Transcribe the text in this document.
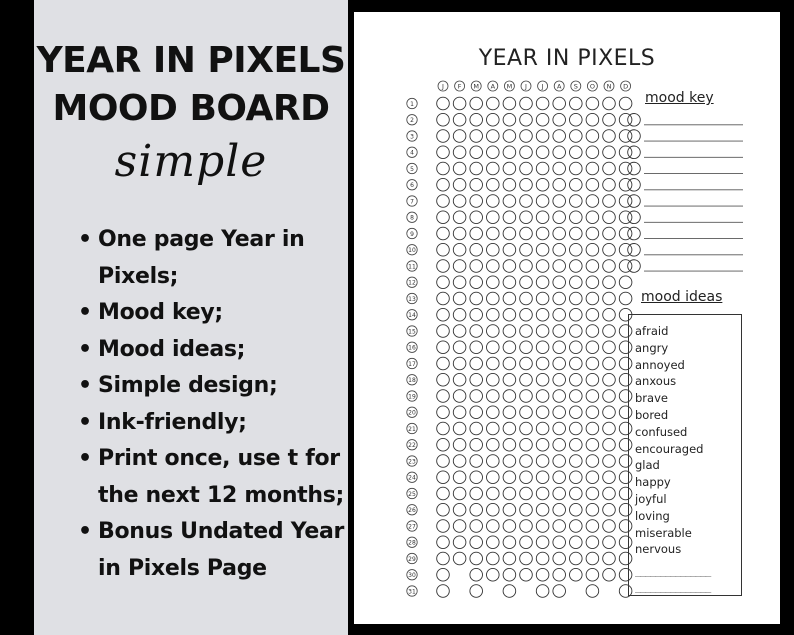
YEAR IN PIXELS
MOOD BOARD
simple
• One page Year in Pixels;
• Mood key;
• Mood ideas;
• Simple design;
• Ink-friendly;
• Print once, use t for the next 12 months;
• Bonus Undated Year in Pixels Page
YEAR IN PIXELS
J F M A M J J A S O N D
1
2
3
4
5
6
7
8
9
10
11
12
13
14
15
16
17
18
19
20
21
22
23
24
25
26
27
28
29
30
31
mood key
mood ideas
afraid
angry
annoyed
anxous
brave
bored
confused
encouraged
glad
happy
joyful
loving
miserable
nervous
_______________
_______________
